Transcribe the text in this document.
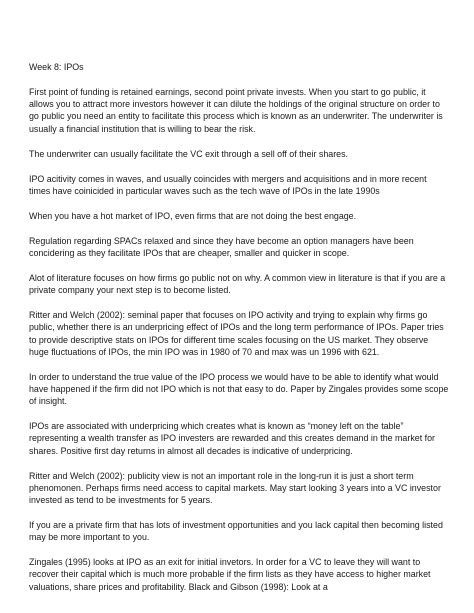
Week 8: IPOs

First point of funding is retained earnings, second point private invests. When you start to go public, it allows you to attract more investors however it can dilute the holdings of the original structure on order to go public you need an entity to facilitate this process which is known as an underwriter. The underwriter is usually a financial institution that is willing to bear the risk.

The underwriter can usually facilitate the VC exit through a sell off of their shares.

IPO acitivity comes in waves, and usually coincides with mergers and acquisitions and in more recent times have coinicided in particular waves such as the tech wave of IPOs in the late 1990s

When you have a hot market of IPO, even firms that are not doing the best engage.

Regulation regarding SPACs relaxed and since they have become an option managers have been concidering as they facilitate IPOs that are cheaper, smaller and quicker in scope.

Alot of literature focuses on how firms go public not on why. A common view in literature is that if you are a private company your next step is to become listed.

Ritter and Welch (2002): seminal paper that focuses on IPO activity and trying to explain why firms go public, whether there is an underpricing effect of IPOs and the long term performance of IPOs. Paper tries to provide descriptive stats on IPOs for different time scales focusing on the US market. They observe huge fluctuations of IPOs, the min IPO was in 1980 of 70 and max was un 1996 with 621.

In order to understand the true value of the IPO process we would have to be able to identify what would have happened if the firm did not IPO which is not that easy to do. Paper by Zingales provides some scope of insight.

IPOs are associated with underpricing which creates what is known as “money left on the table” representing a wealth transfer as IPO investers are rewarded and this creates demand in the market for shares. Positive first day returns in almost all decades is indicative of underpricing.

Ritter and Welch (2002): publicity view is not an important role in the long-run it is just a short term phenomonen. Perhaps firms need access to capital markets. May start looking 3 years into a VC investor invested as tend to be investments for 5 years.

If you are a private firm that has lots of investment opportunities and you lack capital then becoming listed may be more important to you.

Zingales (1995) looks at IPO as an exit for initial invetors. In order for a VC to leave they will want to recover their capital which is much more probable if the firm lists as they have access to higher market valuations, share prices and profitability. Black and Gibson (1998): Look at a
